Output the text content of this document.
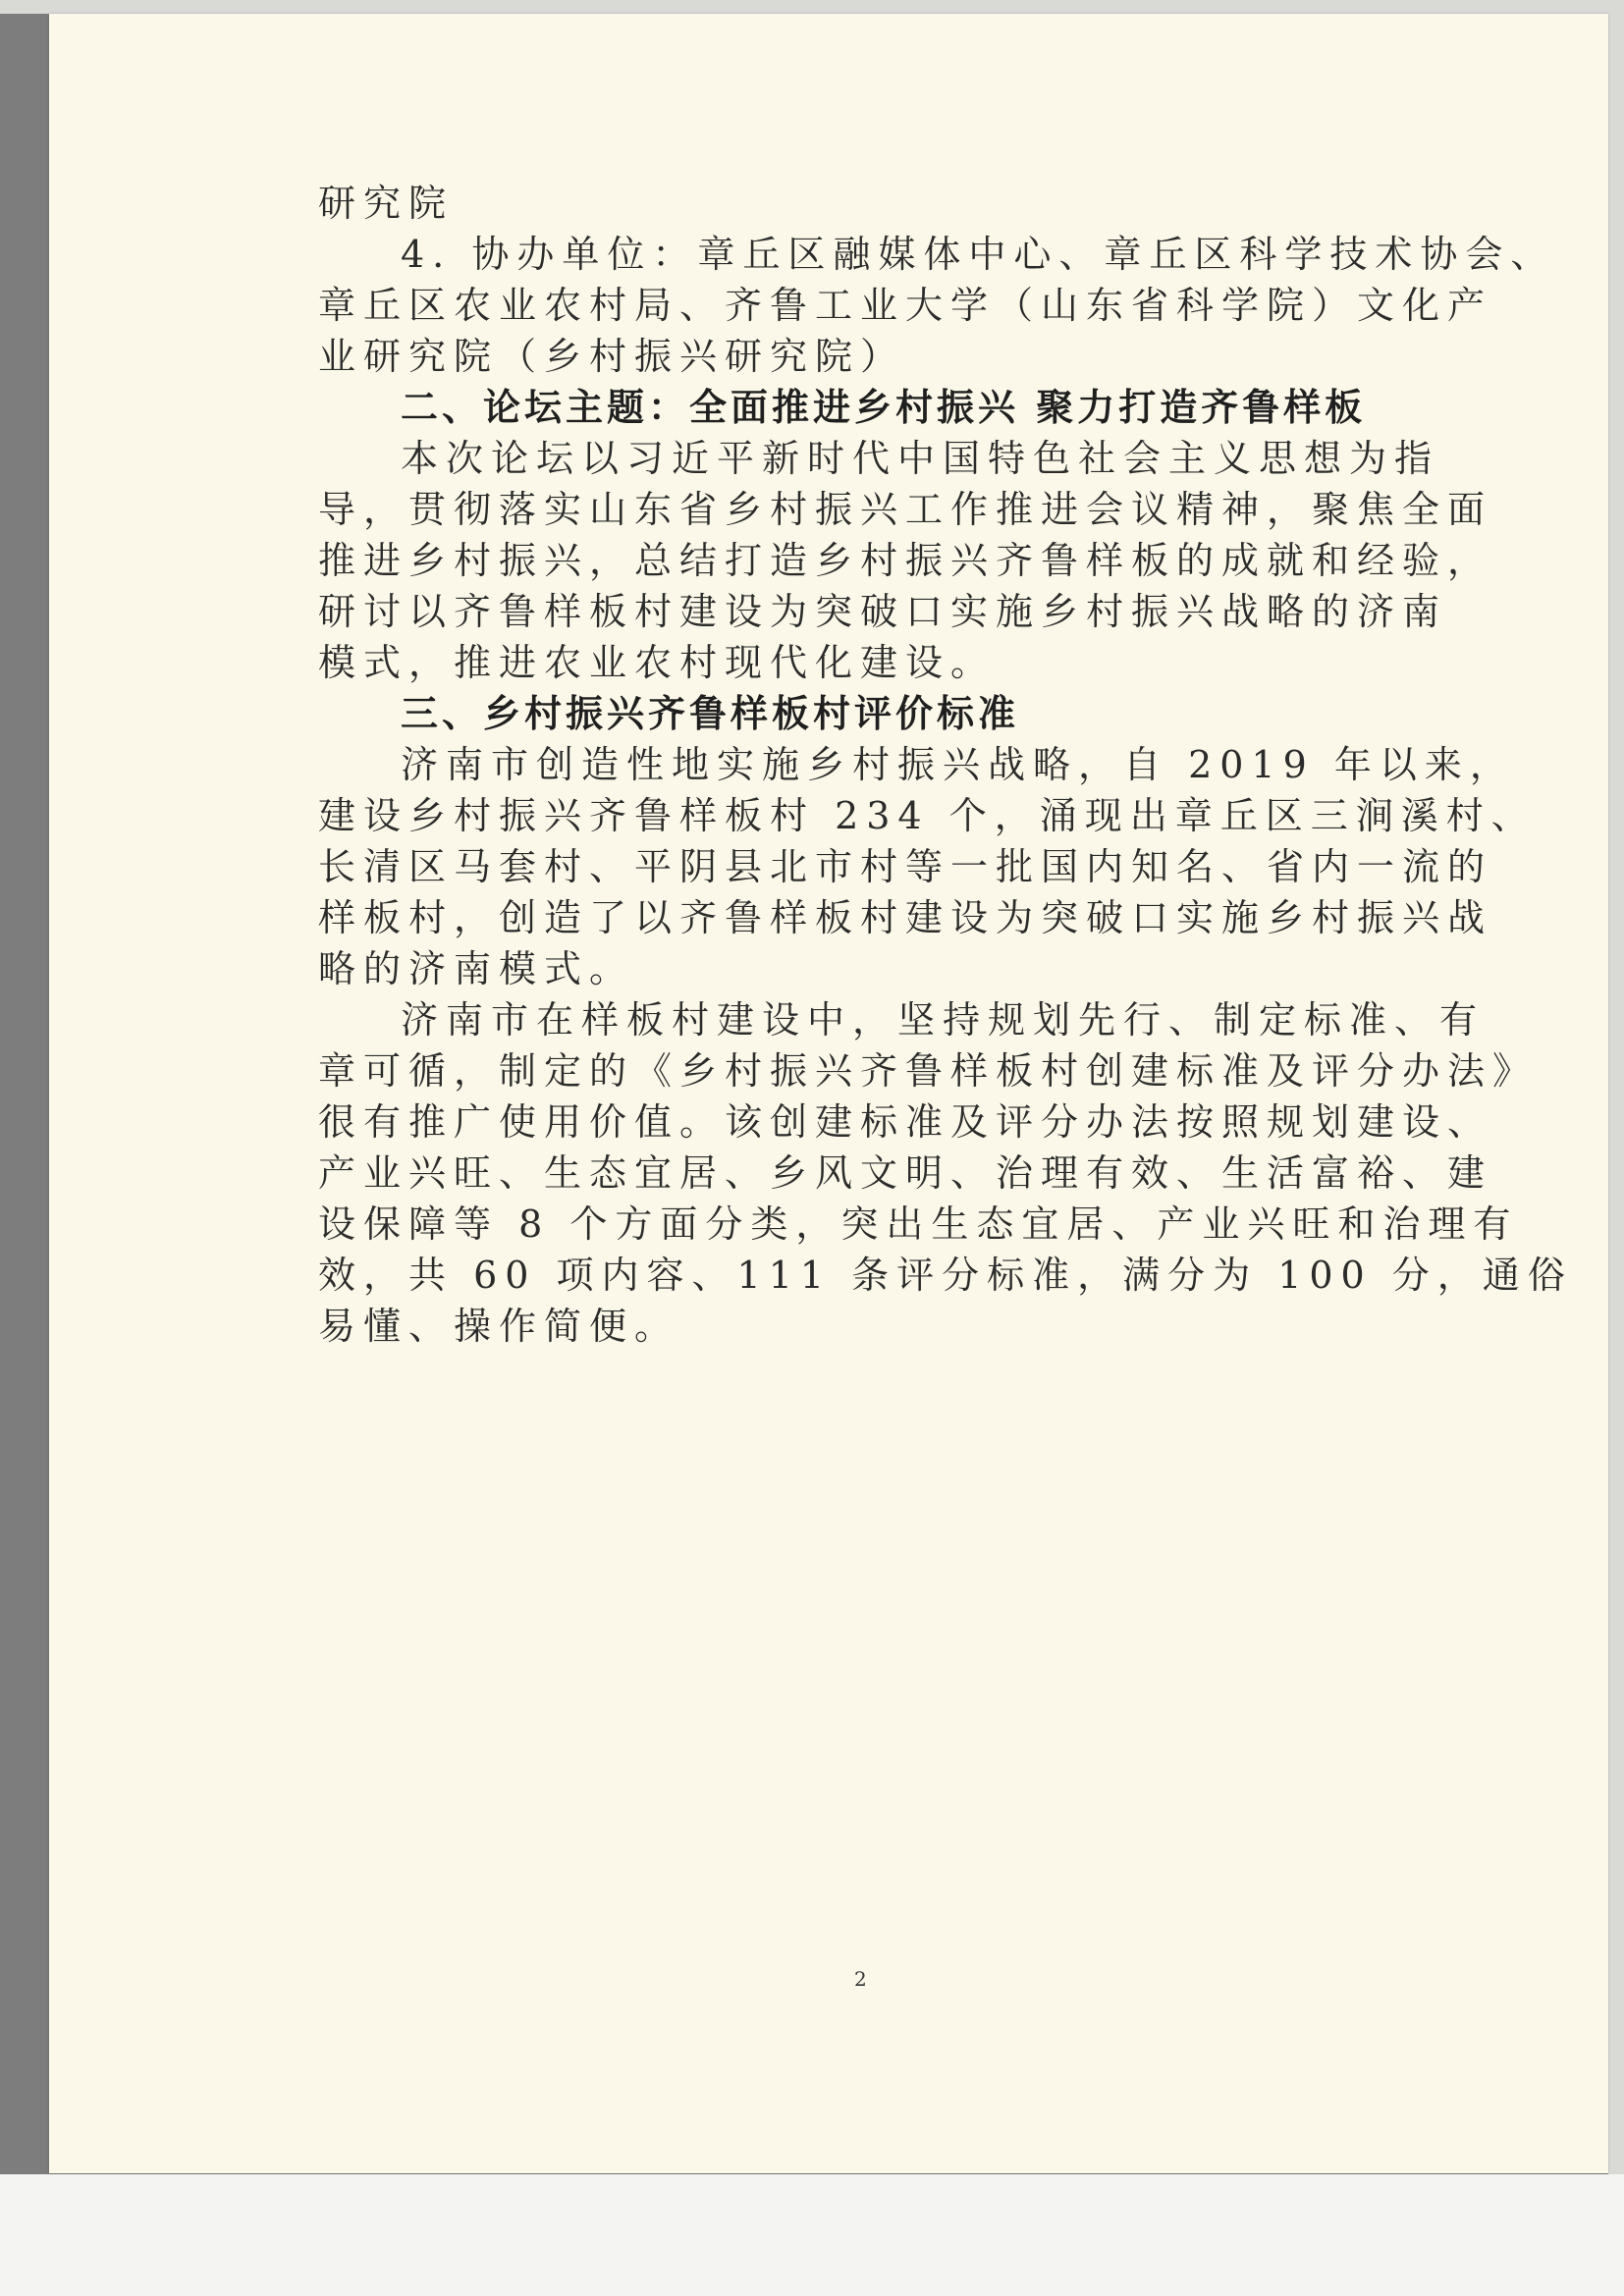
研究院
4. 协办单位：章丘区融媒体中心、章丘区科学技术协会、
章丘区农业农村局、齐鲁工业大学（山东省科学院）文化产
业研究院（乡村振兴研究院）
二、论坛主题：全面推进乡村振兴 聚力打造齐鲁样板
本次论坛以习近平新时代中国特色社会主义思想为指
导，贯彻落实山东省乡村振兴工作推进会议精神，聚焦全面
推进乡村振兴，总结打造乡村振兴齐鲁样板的成就和经验，
研讨以齐鲁样板村建设为突破口实施乡村振兴战略的济南
模式，推进农业农村现代化建设。
三、乡村振兴齐鲁样板村评价标准
济南市创造性地实施乡村振兴战略，自 2019 年以来，
建设乡村振兴齐鲁样板村 234 个，涌现出章丘区三涧溪村、
长清区马套村、平阴县北市村等一批国内知名、省内一流的
样板村，创造了以齐鲁样板村建设为突破口实施乡村振兴战
略的济南模式。
济南市在样板村建设中，坚持规划先行、制定标准、有
章可循，制定的《乡村振兴齐鲁样板村创建标准及评分办法》
很有推广使用价值。该创建标准及评分办法按照规划建设、
产业兴旺、生态宜居、乡风文明、治理有效、生活富裕、建
设保障等 8 个方面分类，突出生态宜居、产业兴旺和治理有
效，共 60 项内容、111 条评分标准，满分为 100 分，通俗
易懂、操作简便。
2
